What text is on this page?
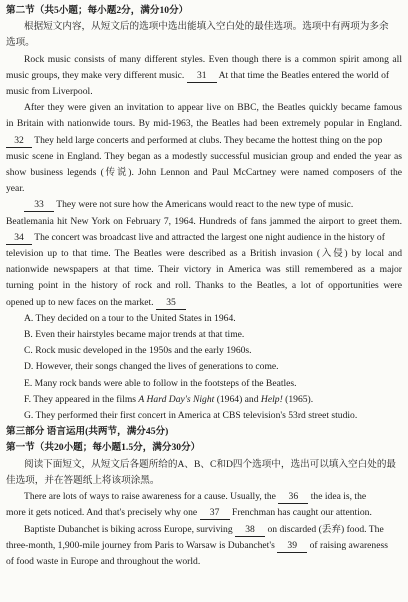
第二节（共5小题；每小题2分，满分10分）
根据短文内容，从短文后的选项中选出能填入空白处的最佳选项。选项中有两项为多余
选项。
Rock music consists of many different styles. Even though there is a common spirit among all
music groups, they make very different music. 31 At that time the Beatles entered the world of
music from Liverpool.
After they were given an invitation to appear live on BBC, the Beatles quickly became famous
in Britain with nationwide tours. By mid-1963, the Beatles had been extremely popular in England.
32 They held large concerts and performed at clubs. They became the hottest thing on the pop
music scene in England. They began as a modestly successful musician group and ended the year as
show business legends (传说). John Lennon and Paul McCartney were named composers of the
year.
33 They were not sure how the Americans would react to the new type of music.
Beatlemania hit New York on February 7, 1964. Hundreds of fans jammed the airport to greet them.
34 The concert was broadcast live and attracted the largest one night audience in the history of
television up to that time. The Beatles were described as a British invasion (入侵) by local and
nationwide newspapers at that time. Their victory in America was still remembered as a major
turning point in the history of rock and roll. Thanks to the Beatles, a lot of opportunities were
opened up to new faces on the market. 35
A. They decided on a tour to the United States in 1964.
B. Even their hairstyles became major trends at that time.
C. Rock music developed in the 1950s and the early 1960s.
D. However, their songs changed the lives of generations to come.
E. Many rock bands were able to follow in the footsteps of the Beatles.
F. They appeared in the films A Hard Day's Night (1964) and Help! (1965).
G. They performed their first concert in America at CBS television's 53rd street studio.
第三部分 语言运用(共两节，满分45分)
第一节（共20小题；每小题1.5分，满分30分）
阅读下面短文，从短文后各题所给的A、B、C和D四个选项中，选出可以填入空白处的最
佳选项，并在答题纸上将该项涂黑。
There are lots of ways to raise awareness for a cause. Usually, the 36 the idea is, the
more it gets noticed. And that's precisely why one 37 Frenchman has caught our attention.
Baptiste Dubanchet is biking across Europe, surviving 38 on discarded (丢弃) food. The
three-month, 1,900-mile journey from Paris to Warsaw is Dubanchet's 39 of raising awareness
of food waste in Europe and throughout the world.
